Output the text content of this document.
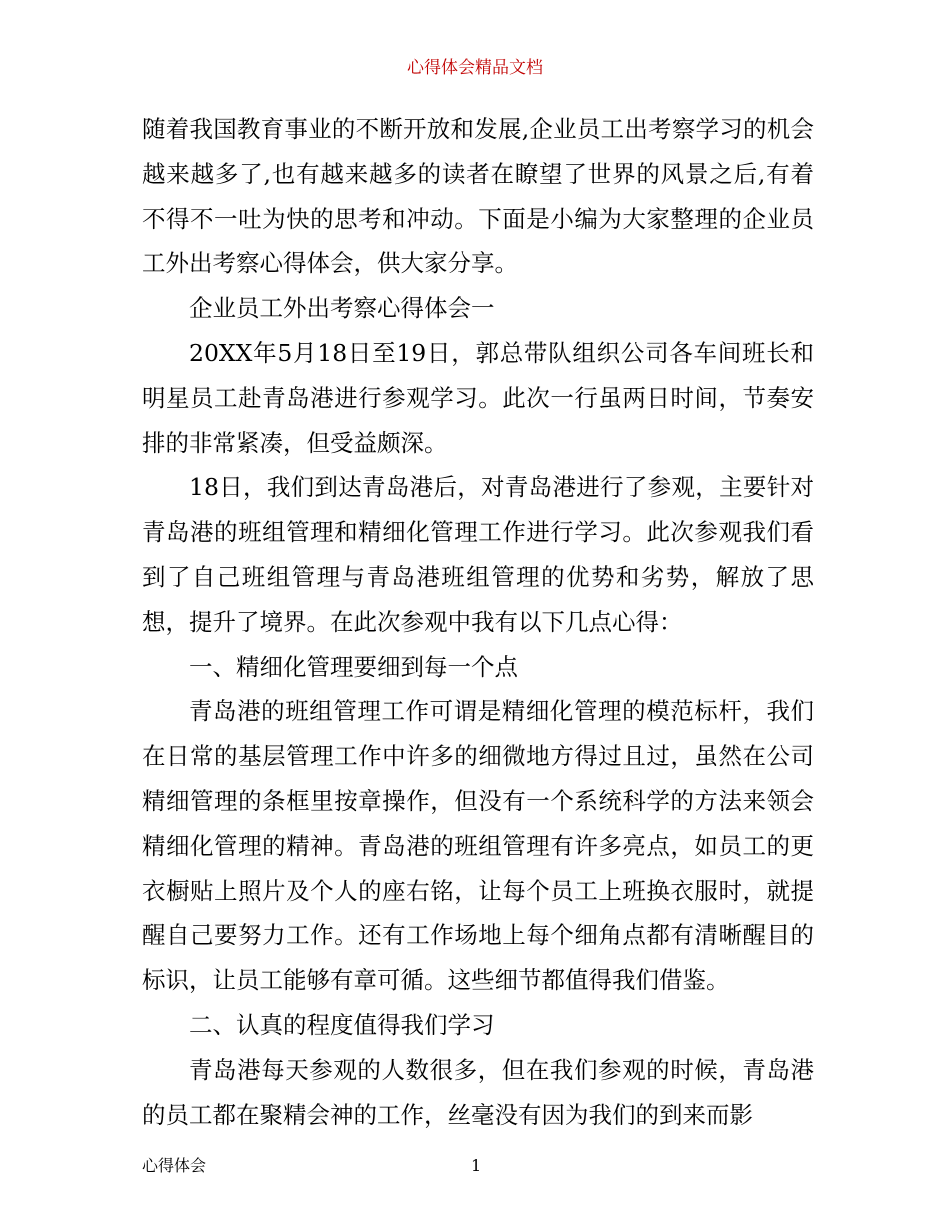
心得体会精品文档

随着我国教育事业的不断开放和发展,企业员工出考察学习的机会越来越多了,也有越来越多的读者在瞭望了世界的风景之后,有着不得不一吐为快的思考和冲动。下面是小编为大家整理的企业员工外出考察心得体会，供大家分享。

企业员工外出考察心得体会一

20XX年5月18日至19日，郭总带队组织公司各车间班长和明星员工赴青岛港进行参观学习。此次一行虽两日时间，节奏安排的非常紧凑，但受益颇深。

18日，我们到达青岛港后，对青岛港进行了参观，主要针对青岛港的班组管理和精细化管理工作进行学习。此次参观我们看到了自己班组管理与青岛港班组管理的优势和劣势，解放了思想，提升了境界。在此次参观中我有以下几点心得：

一、精细化管理要细到每一个点

青岛港的班组管理工作可谓是精细化管理的模范标杆，我们在日常的基层管理工作中许多的细微地方得过且过，虽然在公司精细管理的条框里按章操作，但没有一个系统科学的方法来领会精细化管理的精神。青岛港的班组管理有许多亮点，如员工的更衣橱贴上照片及个人的座右铭，让每个员工上班换衣服时，就提醒自己要努力工作。还有工作场地上每个细角点都有清晰醒目的标识，让员工能够有章可循。这些细节都值得我们借鉴。

二、认真的程度值得我们学习

青岛港每天参观的人数很多，但在我们参观的时候，青岛港的员工都在聚精会神的工作，丝毫没有因为我们的到来而影

心得体会	1
